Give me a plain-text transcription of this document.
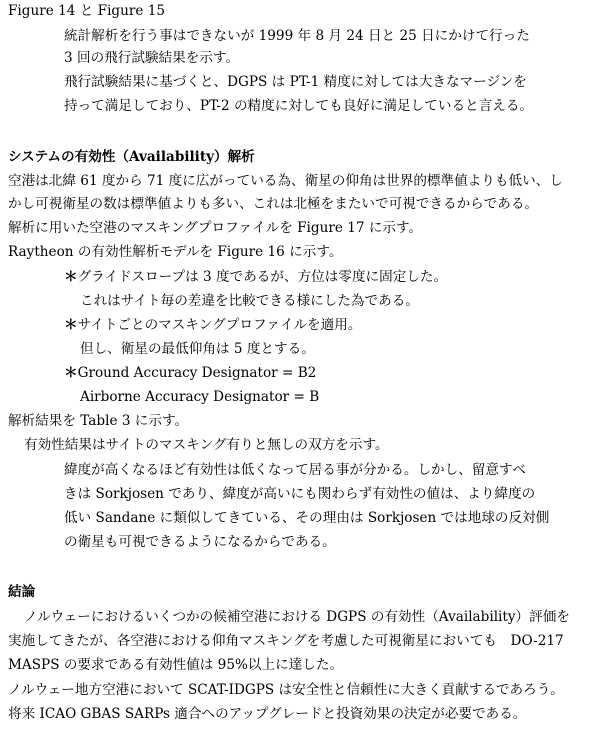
Figure 14 と Figure 15
統計解析を行う事はできないが 1999 年 8 月 24 日と 25 日にかけて行った
3 回の飛行試験結果を示す。
飛行試験結果に基づくと、DGPS は PT-1 精度に対しては大きなマージンを
持って満足しており、PT-2 の精度に対しても良好に満足していると言える。
システムの有効性（Availability）解析
空港は北緯 61 度から 71 度に広がっている為、衛星の仰角は世界的標準値よりも低い、し
かし可視衛星の数は標準値よりも多い、これは北極をまたいで可視できるからである。
解析に用いた空港のマスキングプロファイルを Figure 17 に示す。
Raytheon の有効性解析モデルを Figure 16 に示す。
＊グライドスロープは 3 度であるが、方位は零度に固定した。
これはサイト毎の差違を比較できる様にした為である。
＊サイトごとのマスキングプロファイルを適用。
但し、衛星の最低仰角は 5 度とする。
＊Ground Accuracy Designator = B2
Airborne Accuracy Designator = B
解析結果を Table 3 に示す。
有効性結果はサイトのマスキング有りと無しの双方を示す。
緯度が高くなるほど有効性は低くなって居る事が分かる。しかし、留意すべ
きは Sorkjosen であり、緯度が高いにも関わらず有効性の値は、より緯度の
低い Sandane に類似してきている、その理由は Sorkjosen では地球の反対側
の衛星も可視できるようになるからである。
結論
ノルウェーにおけるいくつかの候補空港における DGPS の有効性（Availability）評価を
実施してきたが、各空港における仰角マスキングを考慮した可視衛星においても　DO-217
MASPS の要求である有効性値は 95%以上に達した。
ノルウェー地方空港において SCAT-ⅠDGPS は安全性と信頼性に大きく貢献するであろう。
将来 ICAO GBAS SARPs 適合へのアップグレードと投資効果の決定が必要である。
